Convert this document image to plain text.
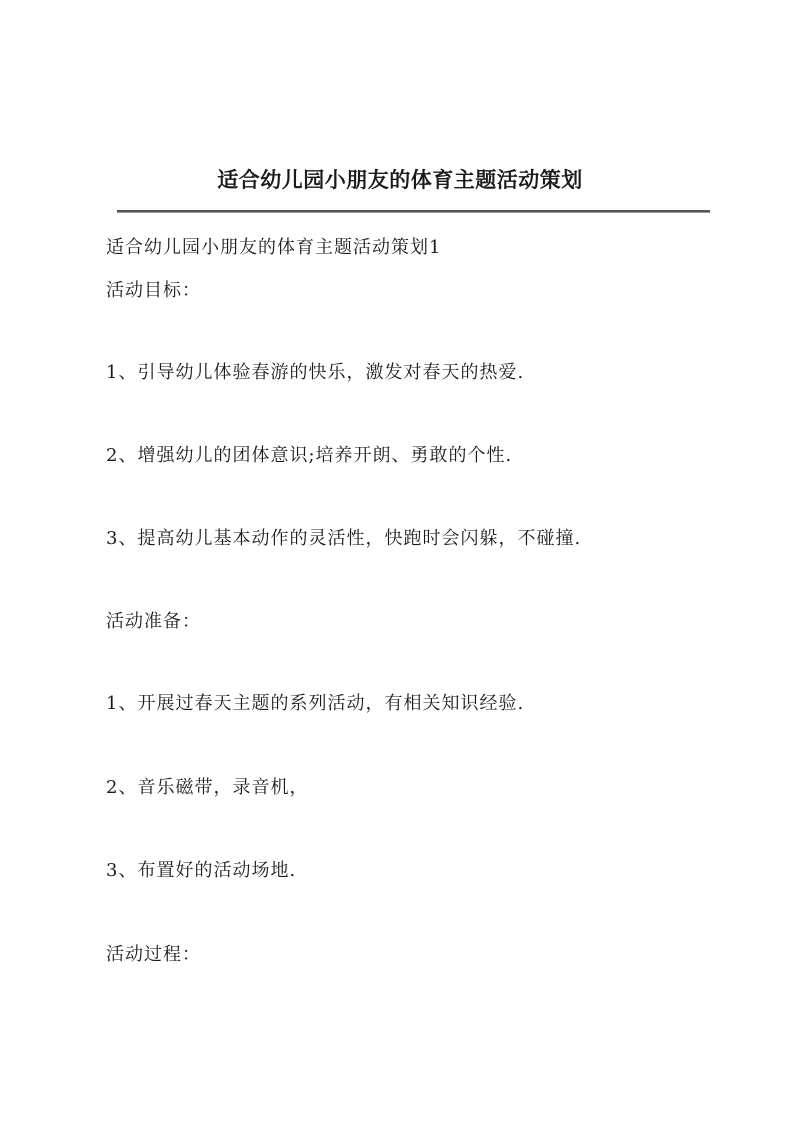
适合幼儿园小朋友的体育主题活动策划
适合幼儿园小朋友的体育主题活动策划1
活动目标：
1、引导幼儿体验春游的快乐，激发对春天的热爱.
2、增强幼儿的团体意识;培养开朗、勇敢的个性.
3、提高幼儿基本动作的灵活性，快跑时会闪躲，不碰撞.
活动准备：
1、开展过春天主题的系列活动，有相关知识经验.
2、音乐磁带，录音机，
3、布置好的活动场地.
活动过程：
